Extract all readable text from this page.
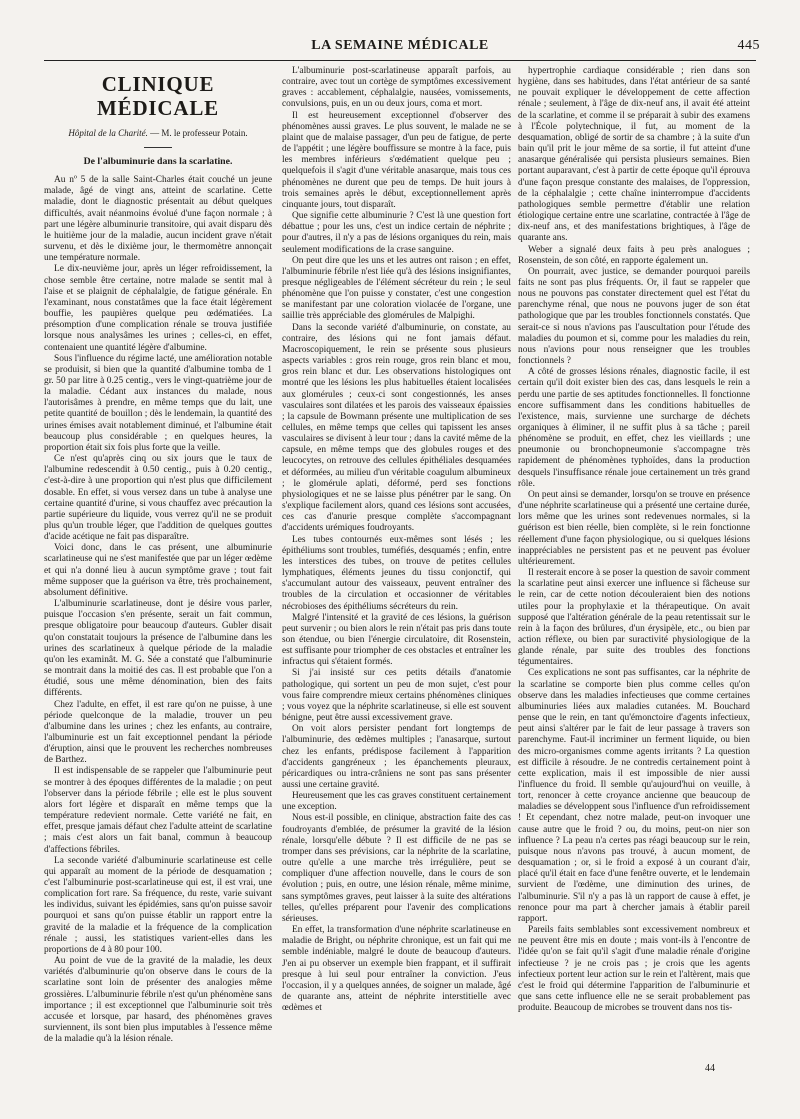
LA SEMAINE MÉDICALE	445
CLINIQUE MÉDICALE
Hôpital de la Charité. — M. le professeur Potain.
De l'albuminurie dans la scarlatine.

Au nº 5 de la salle Saint-Charles était couché un jeune malade, âgé de vingt ans, atteint de scarlatine. Cette maladie, dont le diagnostic présentait au début quelques difficultés, avait néanmoins évolué d'une façon normale ; à part une légère albuminurie transitoire, qui avait disparu dès le huitième jour de la maladie, aucun incident grave n'était survenu, et dès le dixième jour, le thermomètre annonçait une température normale.

Le dix-neuvième jour, après un léger refroidissement, la chose semble être certaine, notre malade se sentit mal à l'aise et se plaignit de céphalalgie, de fatigue générale. En l'examinant, nous constatâmes que la face était légèrement bouffie, les paupières quelque peu œdématiées. La présomption d'une complication rénale se trouva justifiée lorsque nous analysâmes les urines ; celles-ci, en effet, contenaient une quantité légère d'albumine.

Sous l'influence du régime lacté, une amélioration notable se produisit, si bien que la quantité d'albumine tomba de 1 gr. 50 par litre à 0.25 centig., vers le vingt-quatrième jour de la maladie. Cédant aux instances du malade, nous l'autorisâmes à prendre, en même temps que du lait, une petite quantité de bouillon ; dès le lendemain, la quantité des urines émises avait notablement diminué, et l'albumine était beaucoup plus considérable ; en quelques heures, la proportion était six fois plus forte que la veille.

Ce n'est qu'après cinq ou six jours que le taux de l'albumine redescendit à 0.50 centig., puis à 0.20 centig., c'est-à-dire à une proportion qui n'est plus que difficilement dosable. En effet, si vous versez dans un tube à analyse une certaine quantité d'urine, si vous chauffez avec précaution la partie supérieure du liquide, vous verrez qu'il ne se produit plus qu'un trouble léger, que l'addition de quelques gouttes d'acide acétique ne fait pas disparaître.

Voici donc, dans le cas présent, une albuminurie scarlatineuse qui ne s'est manifestée que par un léger œdème et qui n'a donné lieu à aucun symptôme grave ; tout fait même supposer que la guérison va être, très prochainement, absolument définitive.

L'albuminurie scarlatineuse, dont je désire vous parler, puisque l'occasion s'en présente, serait un fait commun, presque obligatoire pour beaucoup d'auteurs. Gubler disait qu'on constatait toujours la présence de l'albumine dans les urines des scarlatineux à quelque période de la maladie qu'on les examinât. M. G. Sée a constaté que l'albuminurie se montrait dans la moitié des cas. Il est probable que l'on a étudié, sous une même dénomination, bien des faits différents.

Chez l'adulte, en effet, il est rare qu'on ne puisse, à une période quelconque de la maladie, trouver un peu d'albumine dans les urines ; chez les enfants, au contraire, l'albuminurie est un fait exceptionnel pendant la période d'éruption, ainsi que le prouvent les recherches nombreuses de Barthez.

Il est indispensable de se rappeler que l'albuminurie peut se montrer à des époques différentes de la maladie ; on peut l'observer dans la période fébrile ; elle est le plus souvent alors fort légère et disparaît en même temps que la température redevient normale. Cette variété ne fait, en effet, presque jamais défaut chez l'adulte atteint de scarlatine ; mais c'est alors un fait banal, commun à beaucoup d'affections fébriles.

La seconde variété d'albuminurie scarlatineuse est celle qui apparaît au moment de la période de desquamation ; c'est l'albuminurie post-scarlatineuse qui est, il est vrai, une complication fort rare. Sa fréquence, du reste, varie suivant les individus, suivant les épidémies, sans qu'on puisse savoir pourquoi et sans qu'on puisse établir un rapport entre la gravité de la maladie et la fréquence de la complication rénale ; aussi, les statistiques varient-elles dans les proportions de 4 à 80 pour 100.

Au point de vue de la gravité de la maladie, les deux variétés d'albuminurie qu'on observe dans le cours de la scarlatine sont loin de présenter des analogies même grossières. L'albuminurie fébrile n'est qu'un phénomène sans importance ; il est exceptionnel que l'albuminurie soit très accusée et lorsque, par hasard, des phénomènes graves surviennent, ils sont bien plus imputables à l'essence même de la maladie qu'à la lésion rénale.

L'albuminurie post-scarlatineuse apparaît parfois, au contraire, avec tout un cortège de symptômes excessivement graves : accablement, céphalalgie, nausées, vomissements, convulsions, puis, en un ou deux jours, coma et mort.

Il est heureusement exceptionnel d'observer des phénomènes aussi graves. Le plus souvent, le malade ne se plaint que de malaise passager, d'un peu de fatigue, de perte de l'appétit ; une légère bouffissure se montre à la face, puis les membres inférieurs s'œdématient quelque peu ; quelquefois il s'agit d'une véritable anasarque, mais tous ces phénomènes ne durent que peu de temps. De huit jours à trois semaines après le début, exceptionnellement après cinquante jours, tout disparaît.

Que signifie cette albuminurie ? C'est là une question fort débattue ; pour les uns, c'est un indice certain de néphrite ; pour d'autres, il n'y a pas de lésions organiques du rein, mais seulement modifications de la crase sanguine.

On peut dire que les uns et les autres ont raison ; en effet, l'albuminurie fébrile n'est liée qu'à des lésions insignifiantes, presque négligeables de l'élément sécréteur du rein ; le seul phénomène que l'on puisse y constater, c'est une congestion se manifestant par une coloration violacée de l'organe, une saillie très appréciable des glomérules de Malpighi.

Dans la seconde variété d'albuminurie, on constate, au contraire, des lésions qui ne font jamais défaut. Macroscopiquement, le rein se présente sous plusieurs aspects variables : gros rein rouge, gros rein blanc et mou, gros rein blanc et dur. Les observations histologiques ont montré que les lésions les plus habituelles étaient localisées aux glomérules ; ceux-ci sont congestionnés, les anses vasculaires sont dilatées et les parois des vaisseaux épaissies ; la capsule de Bowmann présente une multiplication de ses cellules, en même temps que celles qui tapissent les anses vasculaires se divisent à leur tour ; dans la cavité même de la capsule, en même temps que des globules rouges et des leucocytes, on retrouve des cellules épithéliales desquamées et déformées, au milieu d'un véritable coagulum albumineux ; le glomérule aplati, déformé, perd ses fonctions physiologiques et ne se laisse plus pénétrer par le sang. On s'explique facilement alors, quand ces lésions sont accusées, ces cas d'anurie presque complète s'accompagnant d'accidents urémiques foudroyants.

Les tubes contournés eux-mêmes sont lésés ; les épithéliums sont troubles, tuméfiés, desquamés ; enfin, entre les interstices des tubes, on trouve de petites cellules lymphatiques, éléments jeunes du tissu conjonctif, qui s'accumulant autour des vaisseaux, peuvent entraîner des troubles de la circulation et occasionner de véritables nécrobioses des épithéliums sécréteurs du rein.

Malgré l'intensité et la gravité de ces lésions, la guérison peut survenir ; ou bien alors le rein n'était pas pris dans toute son étendue, ou bien l'énergie circulatoire, dit Rosenstein, est suffisante pour triompher de ces obstacles et entraîner les infractus qui s'étaient formés.

Si j'ai insisté sur ces petits détails d'anatomie pathologique, qui sortent un peu de mon sujet, c'est pour vous faire comprendre mieux certains phénomènes cliniques ; vous voyez que la néphrite scarlatineuse, si elle est souvent bénigne, peut être aussi excessivement grave.

On voit alors persister pendant fort longtemps de l'albuminurie, des œdèmes multiples ; l'anasarque, surtout chez les enfants, prédispose facilement à l'apparition d'accidents gangréneux ; les épanchements pleuraux, péricardiques ou intra-crâniens ne sont pas sans présenter aussi une certaine gravité.

Heureusement que les cas graves constituent certainement une exception.

Nous est-il possible, en clinique, abstraction faite des cas foudroyants d'emblée, de présumer la gravité de la lésion rénale, lorsqu'elle débute ? Il est difficile de ne pas se tromper dans ses prévisions, car la néphrite de la scarlatine, outre qu'elle a une marche très irrégulière, peut se compliquer d'une affection nouvelle, dans le cours de son évolution ; puis, en outre, une lésion rénale, même minime, sans symptômes graves, peut laisser à la suite des altérations telles, qu'elles préparent pour l'avenir des complications sérieuses.

En effet, la transformation d'une néphrite scarlatineuse en maladie de Bright, ou néphrite chronique, est un fait qui me semble indéniable, malgré le doute de beaucoup d'auteurs. J'en ai pu observer un exemple bien frappant, et il suffirait presque à lui seul pour entraîner la conviction. J'eus l'occasion, il y a quelques années, de soigner un malade, âgé de quarante ans, atteint de néphrite interstitielle avec œdèmes et

hypertrophie cardiaque considérable ; rien dans son hygiène, dans ses habitudes, dans l'état antérieur de sa santé ne pouvait expliquer le développement de cette affection rénale ; seulement, à l'âge de dix-neuf ans, il avait été atteint de la scarlatine, et comme il se préparait à subir des examens à l'École polytechnique, il fut, au moment de la desquamation, obligé de sortir de sa chambre ; à la suite d'un bain qu'il prit le jour même de sa sortie, il fut atteint d'une anasarque généralisée qui persista plusieurs semaines. Bien portant auparavant, c'est à partir de cette époque qu'il éprouva d'une façon presque constante des malaises, de l'oppression, de la céphalalgie ; cette chaîne ininterrompue d'accidents pathologiques semble permettre d'établir une relation étiologique certaine entre une scarlatine, contractée à l'âge de dix-neuf ans, et des manifestations brightiques, à l'âge de quarante ans.

Weber a signalé deux faits à peu près analogues ; Rosenstein, de son côté, en rapporte également un.

On pourrait, avec justice, se demander pourquoi pareils faits ne sont pas plus fréquents. Or, il faut se rappeler que nous ne pouvons pas constater directement quel est l'état du parenchyme rénal, que nous ne pouvons juger de son état pathologique que par les troubles fonctionnels constatés. Que serait-ce si nous n'avions pas l'auscultation pour l'étude des maladies du poumon et si, comme pour les maladies du rein, nous n'avions pour nous renseigner que les troubles fonctionnels ?

A côté de grosses lésions rénales, diagnostic facile, il est certain qu'il doit exister bien des cas, dans lesquels le rein a perdu une partie de ses aptitudes fonctionnelles. Il fonctionne encore suffisamment dans les conditions habituelles de l'existence, mais, survienne une surcharge de déchets organiques à éliminer, il ne suffit plus à sa tâche ; pareil phénomène se produit, en effet, chez les vieillards ; une pneumonie ou bronchopneumonie s'accompagne très rapidement de phénomènes typhoïdes, dans la production desquels l'insuffisance rénale joue certainement un très grand rôle.

On peut ainsi se demander, lorsqu'on se trouve en présence d'une néphrite scarlatineuse qui a présenté une certaine durée, lors même que les urines sont redevenues normales, si la guérison est bien réelle, bien complète, si le rein fonctionne réellement d'une façon physiologique, ou si quelques lésions inappréciables ne persistent pas et ne peuvent pas évoluer ultérieurement.

Il resterait encore à se poser la question de savoir comment la scarlatine peut ainsi exercer une influence si fâcheuse sur le rein, car de cette notion découleraient bien des notions utiles pour la prophylaxie et la thérapeutique. On avait supposé que l'altération générale de la peau retentissait sur le rein à la façon des brûlures, d'un érysipèle, etc., ou bien par action réflexe, ou bien par suractivité physiologique de la glande rénale, par suite des troubles des fonctions tégumentaires.

Ces explications ne sont pas suffisantes, car la néphrite de la scarlatine se comporte bien plus comme celles qu'on observe dans les maladies infectieuses que comme certaines albuminuries liées aux maladies cutanées. M. Bouchard pense que le rein, en tant qu'émonctoire d'agents infectieux, peut ainsi s'altérer par le fait de leur passage à travers son parenchyme. Faut-il incriminer un ferment liquide, ou bien des micro-organismes comme agents irritants ? La question est difficile à résoudre. Je ne contredis certainement point à cette explication, mais il est impossible de nier aussi l'influence du froid. Il semble qu'aujourd'hui on veuille, à tort, renoncer à cette croyance ancienne que beaucoup de maladies se développent sous l'influence d'un refroidissement ! Et cependant, chez notre malade, peut-on invoquer une cause autre que le froid ? ou, du moins, peut-on nier son influence ? La peau n'a certes pas réagi beaucoup sur le rein, puisque nous n'avons pas trouvé, à aucun moment, de desquamation ; or, si le froid a exposé à un courant d'air, placé qu'il était en face d'une fenêtre ouverte, et le lendemain survient de l'œdème, une diminution des urines, de l'albuminurie. S'il n'y a pas là un rapport de cause à effet, je renonce pour ma part à chercher jamais à établir pareil rapport.

Pareils faits semblables sont excessivement nombreux et ne peuvent être mis en doute ; mais vont-ils à l'encontre de l'idée qu'on se fait qu'il s'agit d'une maladie rénale d'origine infectieuse ? je ne crois pas ; je crois que les agents infectieux portent leur action sur le rein et l'altèrent, mais que c'est le froid qui détermine l'apparition de l'albuminurie et que sans cette influence elle ne se serait probablement pas produite. Beaucoup de microbes se trouvent dans nos tis-

44
